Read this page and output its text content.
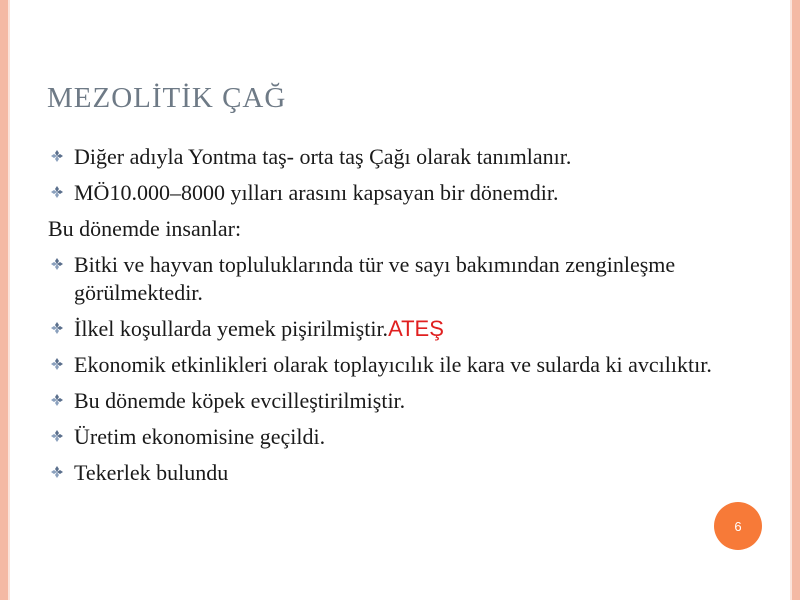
MEZOLİTİK ÇAĞ
Diğer adıyla Yontma taş- orta taş Çağı olarak tanımlanır.
MÖ10.000–8000 yılları arasını kapsayan bir dönemdir.
Bu dönemde insanlar:
Bitki ve hayvan topluluklarında tür ve sayı bakımından zenginleşme görülmektedir.
İlkel koşullarda yemek pişirilmiştir.ATEŞ
Ekonomik etkinlikleri olarak toplayıcılık ile kara ve sularda ki avcılıktır.
Bu dönemde köpek evcilleştirilmiştir.
Üretim ekonomisine geçildi.
Tekerlek bulundu
6
